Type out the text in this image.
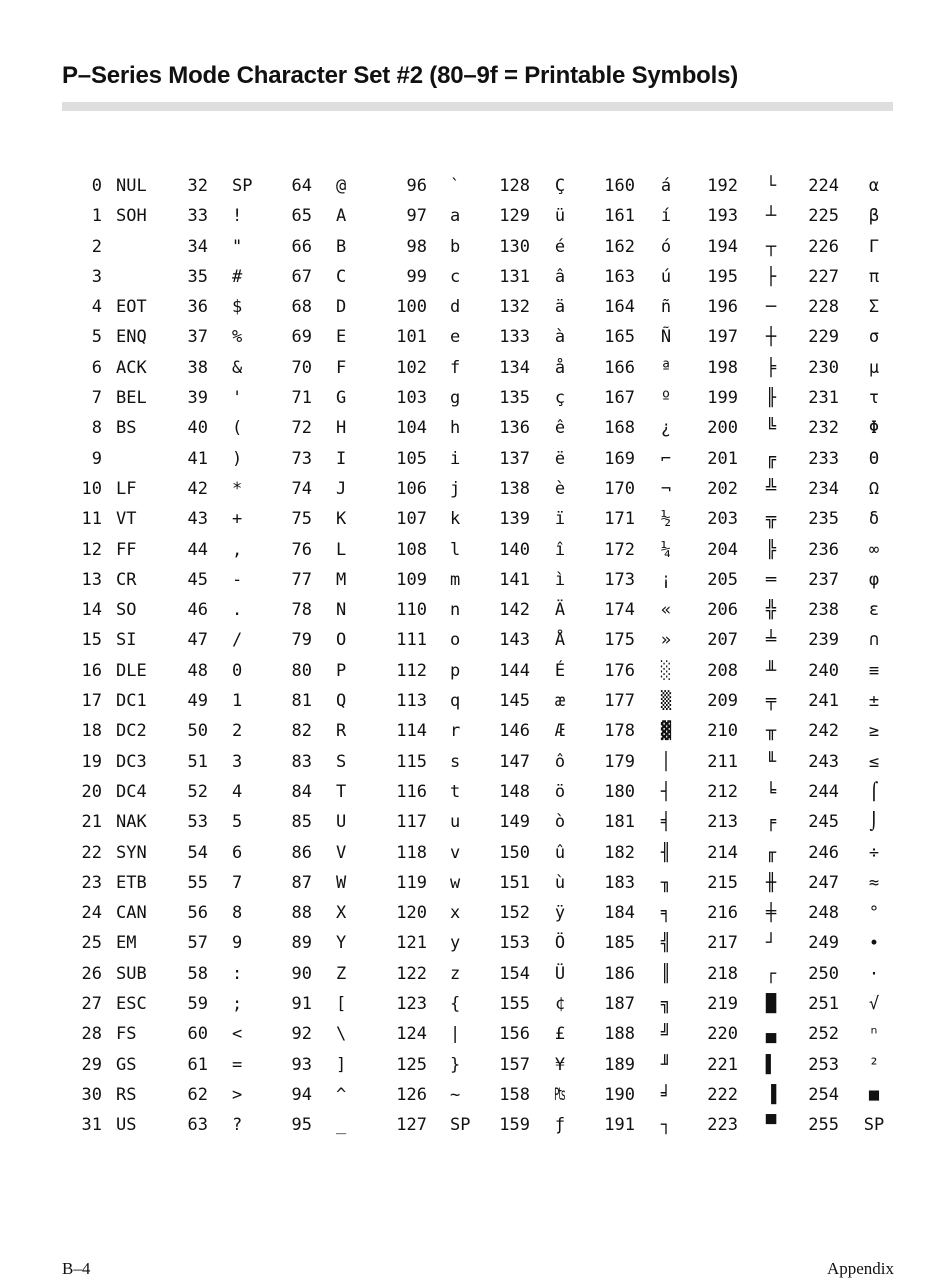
P–Series Mode Character Set #2 (80–9f = Printable Symbols)
0 NUL	32 SP	64 @	96 `	128	Ç	160	á	192	└	224	α
1 SOH	33 !	65 A	97 a	129	ü	161	í	193	┴	225	β
2	34 "	66 B	98 b	130	é	162	ó	194	┬	226	Γ
3	35 #	67 C	99 c	131	â	163	ú	195	├	227	π
4 EOT	36 $	68 D	100 d	132	ä	164	ñ	196	─	228	Σ
5 ENQ	37 %	69 E	101 e	133	à	165	Ñ	197	┼	229	σ
6 ACK	38 &	70 F	102 f	134	å	166	ª	198	╞	230	µ
7 BEL	39 '	71 G	103 g	135	ç	167	º	199	╟	231	τ
8 BS	40 (	72 H	104 h	136	ê	168	¿	200	╚	232	Φ
9	41 )	73 I	105 i	137	ë	169	⌐	201	╔	233	Θ
10 LF	42 *	74 J	106 j	138	è	170	¬	202	╩	234	Ω
11 VT	43 +	75 K	107 k	139	ï	171	½	203	╦	235	δ
12 FF	44 ,	76 L	108 l	140	î	172	¼	204	╠	236	∞
13 CR	45 -	77 M	109 m	141	ì	173	¡	205	═	237	φ
14 SO	46 .	78 N	110 n	142	Ä	174	«	206	╬	238	ε
15 SI	47 /	79 O	111 o	143	Å	175	»	207	╧	239	∩
16 DLE	48 0	80 P	112 p	144	É	176	░	208	╨	240	≡
17 DC1	49 1	81 Q	113 q	145	æ	177	▒	209	╤	241	±
18 DC2	50 2	82 R	114 r	146	Æ	178	▓	210	╥	242	≥
19 DC3	51 3	83 S	115 s	147	ô	179	│	211	╙	243	≤
20 DC4	52 4	84 T	116 t	148	ö	180	┤	212	╘	244	⌠
21 NAK	53 5	85 U	117 u	149	ò	181	╡	213	╒	245	⌡
22 SYN	54 6	86 V	118 v	150	û	182	╢	214	╓	246	÷
23 ETB	55 7	87 W	119 w	151	ù	183	╖	215	╫	247	≈
24 CAN	56 8	88 X	120 x	152	ÿ	184	╕	216	╪	248	°
25 EM	57 9	89 Y	121 y	153	Ö	185	╣	217	┘	249	∙
26 SUB	58 :	90 Z	122 z	154	Ü	186	║	218	┌	250	·
27 ESC	59 ;	91 [	123 {	155	¢	187	╗	219	█	251	√
28 FS	60 <	92 \	124 |	156	£	188	╝	220	▄	252	ⁿ
29 GS	61 =	93 ]	125 }	157	¥	189	╜	221	▌	253	²
30 RS	62 >	94 ^	126 ~	158	₧	190	╛	222	▐	254	■
31 US	63 ?	95 _	127 SP	159	ƒ	191	┐	223	▀	255 SP
B–4	Appendix
